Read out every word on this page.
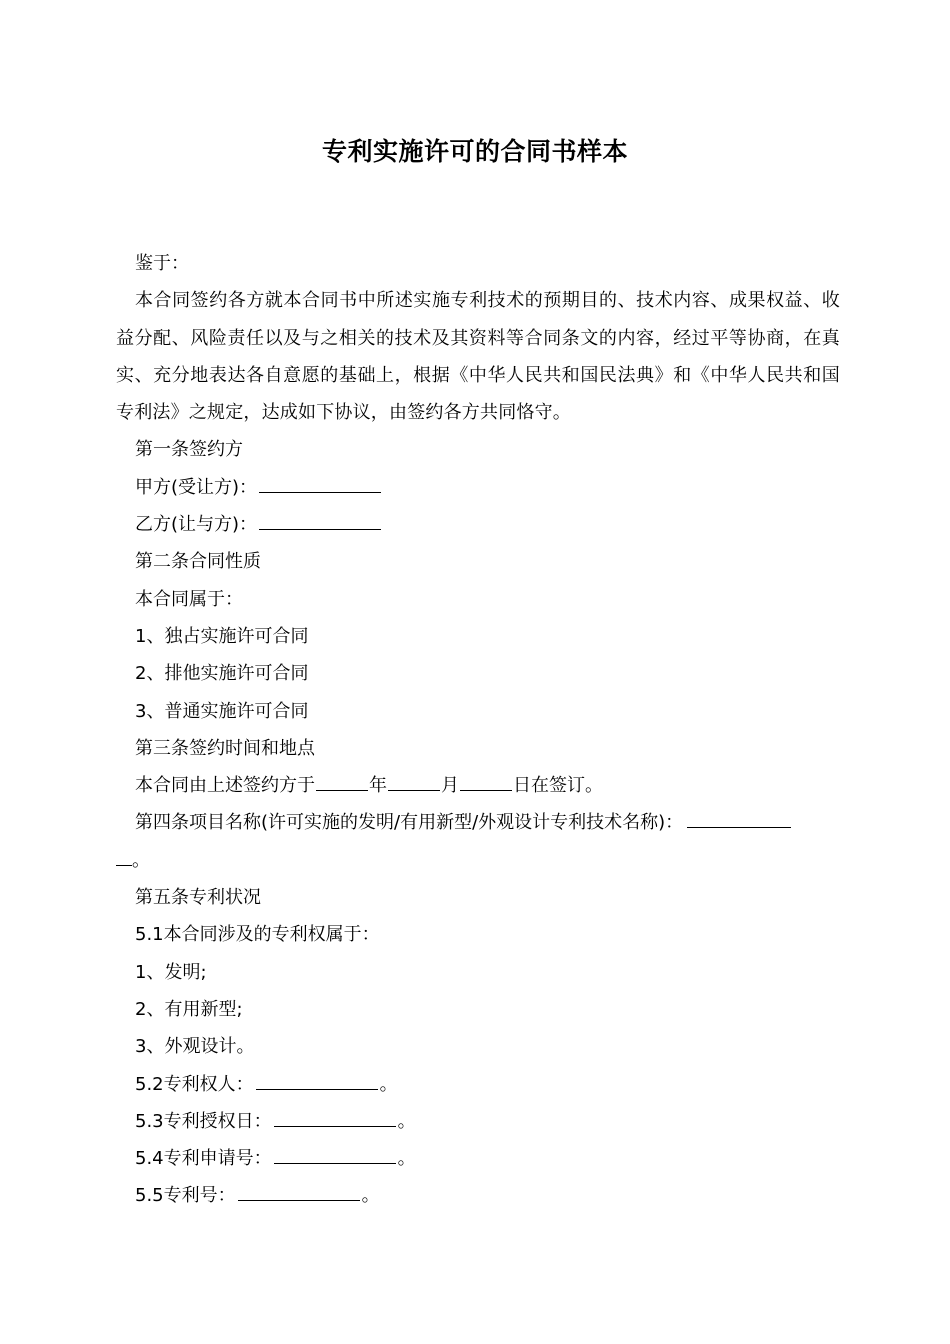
专利实施许可的合同书样本

鉴于：

本合同签约各方就本合同书中所述实施专利技术的预期目的、技术内容、成果权益、收益分配、风险责任以及与之相关的技术及其资料等合同条文的内容，经过平等协商，在真实、充分地表达各自意愿的基础上，根据《中华人民共和国民法典》和《中华人民共和国专利法》之规定，达成如下协议，由签约各方共同恪守。

第一条签约方

甲方(受让方)：

乙方(让与方)：

第二条合同性质

本合同属于：

1、独占实施许可合同

2、排他实施许可合同

3、普通实施许可合同

第三条签约时间和地点

本合同由上述签约方于	年	月	日在签订。

第四条项目名称(许可实施的发明/有用新型/外观设计专利技术名称)：

。

第五条专利状况

5.1本合同涉及的专利权属于：

1、发明;

2、有用新型;

3、外观设计。

5.2专利权人：	。

5.3专利授权日：	。

5.4专利申请号：	。

5.5专利号：	。
